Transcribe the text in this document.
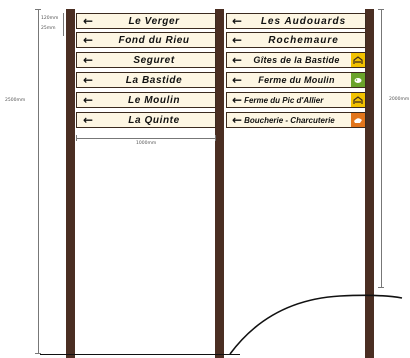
←	Le Verger
←	Fond du Rieu
←	Seguret
←	La Bastide
←	Le Moulin
←	La Quinte
←	Les Audouards
←	Rochemaure
←	Gîtes de la Bastide
←	Ferme du Moulin
← Ferme du Pic d'Allier
← Boucherie - Charcuterie
2500mm
120mm
25mm
2000mm
1000mm
